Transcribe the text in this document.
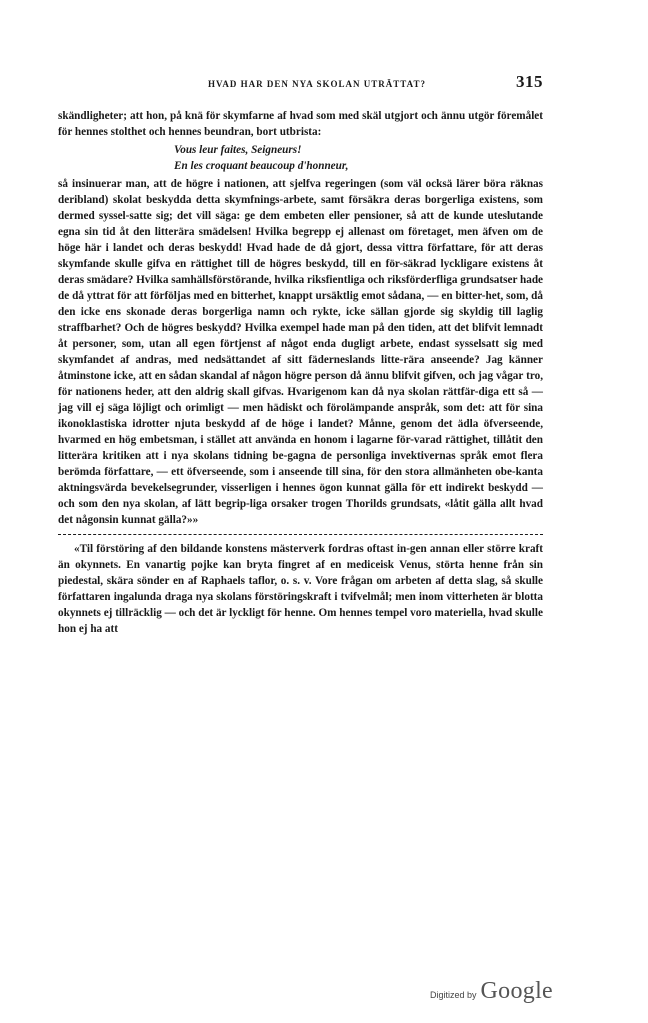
HVAD HAR DEN NYA SKOLAN UTRÄTTAT?	315

skändligheter; att hon, på knä för skymfarne af hvad som med skäl utgjort och ännu utgör föremålet för hennes stolthet och hennes beundran, bort utbrista:

Vous leur faites, Seigneurs!
En les croquant beaucoup d'honneur,

så insinuerar man, att de högre i nationen, att sjelfva regeringen (som väl ocksä lärer böra räknas deribland) skolat beskydda detta skymfnings-arbete, samt försäkra deras borgerliga existens, som dermed syssel-satte sig; det vill säga: ge dem embeten eller pensioner, så att de kunde uteslutande egna sin tid åt den litterära smädelsen! Hvilka begrepp ej allenast om företaget, men äfven om de höge här i landet och deras beskydd! Hvad hade de då gjort, dessa vittra författare, för att deras skymfande skulle gifva en rättighet till de högres beskydd, till en för-säkrad lyckligare existens åt deras smädare? Hvilka samhällsförstörande, hvilka riksfientliga och riksförderfliga grundsatser hade de då yttrat för att förföljas med en bitterhet, knappt ursäktlig emot sådana, — en bitter-het, som, då den icke ens skonade deras borgerliga namn och rykte, icke sällan gjorde sig skyldig till laglig straffbarhet? Och de högres beskydd? Hvilka exempel hade man på den tiden, att det blifvit lemnadt åt personer, som, utan all egen förtjenst af något enda dugligt arbete, endast sysselsatt sig med skymfandet af andras, med nedsättandet af sitt fäderneslands litte-rära anseende? Jag känner åtminstone icke, att en sådan skandal af någon högre person då ännu blifvit gifven, och jag vågar tro, för nationens heder, att den aldrig skall gifvas. Hvarigenom kan då nya skolan rättfär-diga ett så — jag vill ej säga löjligt och orimligt — men hädiskt och förolämpande anspråk, som det: att för sina ikonoklastiska idrotter njuta beskydd af de höge i landet? Månne, genom det ädla öfverseende, hvarmed en hög embetsman, i stället att använda en honom i lagarne för-varad rättighet, tillåtit den litterära kritiken att i nya skolans tidning be-gagna de personliga invektivernas språk emot flera berömda författare, — ett öfverseende, som i anseende till sina, för den stora allmänheten obe-kanta aktningsvärda bevekelsegrunder, visserligen i hennes ögon kunnat gälla för ett indirekt beskydd — och som den nya skolan, af lätt begrip-liga orsaker trogen Thorilds grundsats, «låtit gälla allt hvad det någonsin kunnat gälla?»»

«Til förstöring af den bildande konstens mästerverk fordras oftast in-gen annan eller större kraft än okynnets. En vanartig pojke kan bryta fingret af en mediceisk Venus, störta henne från sin piedestal, skära sönder en af Raphaels taflor, o. s. v. Vore frågan om arbeten af detta slag, så skulle författaren ingalunda draga nya skolans förstöringskraft i tvifvelmål; men inom vitterheten är blotta okynnets ej tillräcklig — och det är lyckligt för henne. Om hennes tempel voro materiella, hvad skulle hon ej ha att

Digitized by Google
